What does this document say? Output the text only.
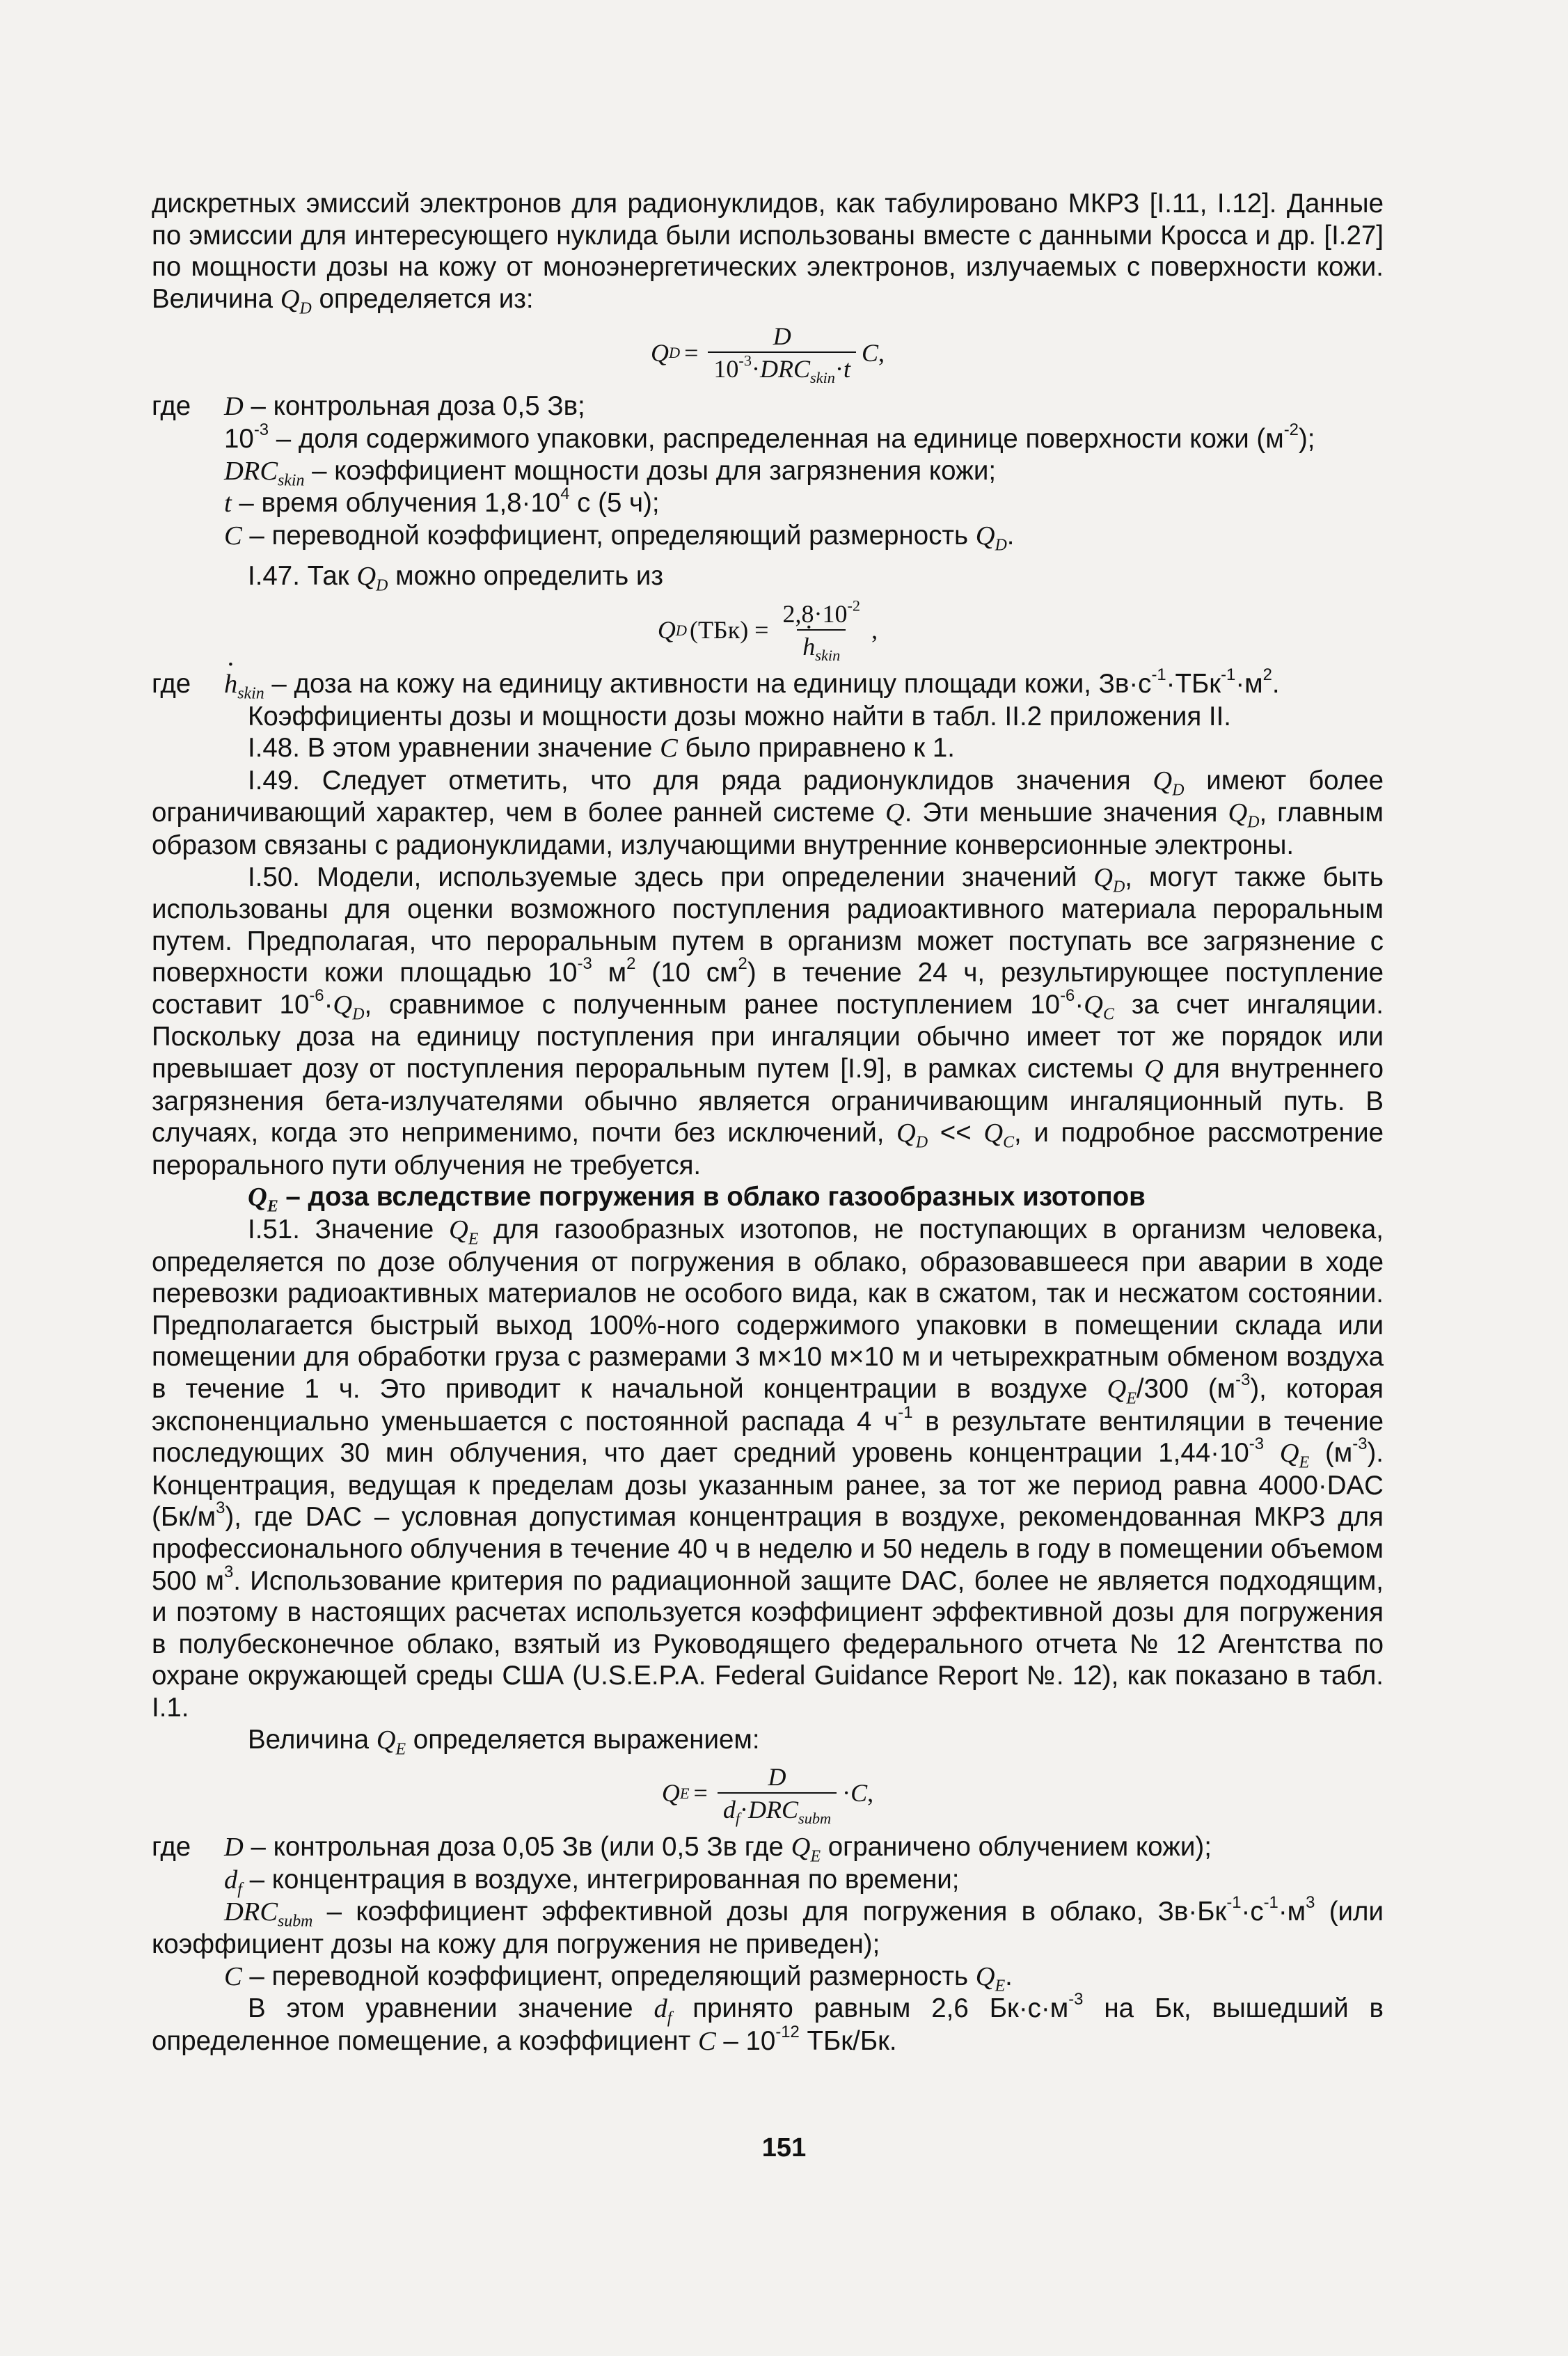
дискретных эмиссий электронов для радионуклидов, как табулировано МКРЗ [I.11, I.12]. Данные по эмиссии для интересующего нуклида были использованы вместе с данными Кросса и др. [I.27] по мощности дозы на кожу от моноэнергетических электронов, излучаемых с поверхности кожи. Величина $Q_D$ определяется из:

Q $D = \frac{D}{10^{-3}\cdot DRC_{skin}\cdot t}$ C ,
где	D – контрольная доза 0,5 Зв;
$10^{-3}$ – доля содержимого упаковки, распределенная на единице поверхности кожи $(м^{-2})$;
$DRC_{skin}$ – коэффициент мощности дозы для загрязнения кожи;
t – время облучения $1,8\cdot 10^4$ с (5 ч);
C – переводной коэффициент, определяющий размерность $Q_D$.

I.47. Так $Q_D$ можно определить из

Q D $(ТБк) = 2,8\cdot 10^{-2}$
· $h_{skin}$ ,
где
·	$h_{skin}$ – доза на кожу на единицу активности на единицу площади кожи, $Зв\cdot с^{-1}\cdot ТБк^{-1}\cdot м^2$.

Коэффициенты дозы и мощности дозы можно найти в табл. II.2 приложения II.

I.48. В этом уравнении значение C было приравнено к 1.

I.49. Следует отметить, что для ряда радионуклидов значения $Q_D$ имеют более ограничивающий характер, чем в более ранней системе Q. Эти меньшие значения $Q_D$, главным образом связаны с радионуклидами, излучающими внутренние конверсионные электроны.

I.50. Модели, используемые здесь при определении значений $Q_D$, могут также быть использованы для оценки возможного поступления радиоактивного материала пероральным путем. Предполагая, что пероральным путем в организм может поступать все загрязнение с поверхности кожи площадью $10^{-3}$ $м^2$ (10 $см^2$) в течение 24 ч, результирующее поступление составит $10^{-6}\cdot Q_D$, сравнимое с полученным ранее поступлением $10^{-6}\cdot Q_C$ за счет ингаляции. Поскольку доза на единицу поступления при ингаляции обычно имеет тот же порядок или превышает дозу от поступления пероральным путем [I.9], в рамках системы Q для внутреннего загрязнения бета-излучателями обычно является ограничивающим ингаляционный путь. В случаях, когда это неприменимо, почти без исключений, $Q_D << Q_C$, и подробное рассмотрение перорального пути облучения не требуется.

$Q_E$ – доза вследствие погружения в облако газообразных изотопов

I.51. Значение $Q_E$ для газообразных изотопов, не поступающих в организм человека, определяется по дозе облучения от погружения в облако, образовавшееся при аварии в ходе перевозки радиоактивных материалов не особого вида, как в сжатом, так и несжатом состоянии. Предполагается быстрый выход 100%-ного содержимого упаковки в помещении склада или помещении для обработки груза с размерами 3 м×10 м×10 м и четырехкратным обменом воздуха в течение 1 ч. Это приводит к начальной концентрации в воздухе $Q_E/300$ $(м^{-3})$, которая экспоненциально уменьшается с постоянной распада 4 $ч^{-1}$ в результате вентиляции в течение последующих 30 мин облучения, что дает средний уровень концентрации $1,44\cdot 10^{-3}$ $Q_E$ $(м^{-3})$. Концентрация, ведущая к пределам дозы указанным ранее, за тот же период равна 4000·DAC $(Бк/м^3)$, где DAC – условная допустимая концентрация в воздухе, рекомендованная МКРЗ для профессионального облучения в течение 40 ч в неделю и 50 недель в году в помещении объемом 500 $м^3$. Использование критерия по радиационной защите DAC, более не является подходящим, и поэтому в настоящих расчетах используется коэффициент эффективной дозы для погружения в полубесконечное облако, взятый из Руководящего федерального отчета № 12 Агентства по охране окружающей среды США (U.S.E.P.A. Federal Guidance Report №. 12), как показано в табл. I.1.

Величина $Q_E$ определяется выражением:

Q $E = \frac{D}{d_f\cdot DRC_{subm}} \cdot C$ ,
где	D – контрольная доза 0,05 Зв (или 0,5 Зв где $Q_E$ ограничено облучением кожи);
$d_f$ – концентрация в воздухе, интегрированная по времени;
$DRC_{subm}$ – коэффициент эффективной дозы для погружения в облако, $Зв\cdot Бк^{-1}\cdot с^{-1}\cdot м^3$ (или коэффициент дозы на кожу для погружения не приведен);
C – переводной коэффициент, определяющий размерность $Q_E$.

В этом уравнении значение $d_f$ принято равным 2,6 $Бк\cdot с\cdot м^{-3}$ на Бк, вышедший в определенное помещение, а коэффициент C – $10^{-12}$ ТБк/Бк.

151
